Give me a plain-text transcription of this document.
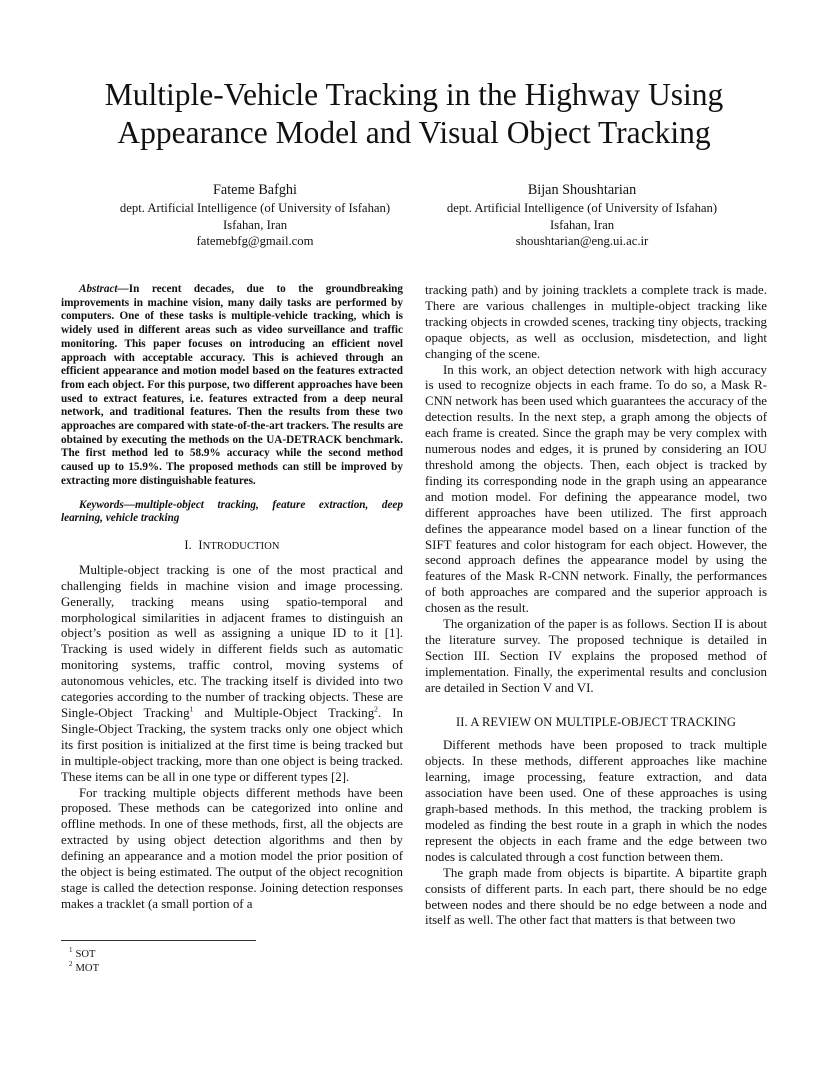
Multiple-Vehicle Tracking in the Highway Using
Appearance Model and Visual Object Tracking
Fateme Bafghi
dept. Artificial Intelligence (of University of Isfahan)
Isfahan, Iran
fatemebfg@gmail.com
Bijan Shoushtarian
dept. Artificial Intelligence (of University of Isfahan)
Isfahan, Iran
shoushtarian@eng.ui.ac.ir

Abstract—In recent decades, due to the groundbreaking improvements in machine vision, many daily tasks are performed by computers. One of these tasks is multiple-vehicle tracking, which is widely used in different areas such as video surveillance and traffic monitoring. This paper focuses on introducing an efficient novel approach with acceptable accuracy. This is achieved through an efficient appearance and motion model based on the features extracted from each object. For this purpose, two different approaches have been used to extract features, i.e. features extracted from a deep neural network, and traditional features. Then the results from these two approaches are compared with state-of-the-art trackers. The results are obtained by executing the methods on the UA-DETRACK benchmark. The first method led to 58.9% accuracy while the second method caused up to 15.9%. The proposed methods can still be improved by extracting more distinguishable features.

Keywords—multiple-object tracking, feature extraction, deep learning, vehicle tracking

I. INTRODUCTION

Multiple-object tracking is one of the most practical and challenging fields in machine vision and image processing. Generally, tracking means using spatio-temporal and morphological similarities in adjacent frames to distinguish an object’s position as well as assigning a unique ID to it [1]. Tracking is used widely in different fields such as automatic monitoring systems, traffic control, moving systems of autonomous vehicles, etc. The tracking itself is divided into two categories according to the number of tracking objects. These are Single-Object Tracking$^1$ and Multiple-Object Tracking$^2$. In Single-Object Tracking, the system tracks only one object which its first position is initialized at the first time is being tracked but in multiple-object tracking, more than one object is being tracked. These items can be all in one type or different types [2].

For tracking multiple objects different methods have been proposed. These methods can be categorized into online and offline methods. In one of these methods, first, all the objects are extracted by using object detection algorithms and then by defining an appearance and a motion model the prior position of the object is being estimated. The output of the object recognition stage is called the detection response. Joining detection responses makes a tracklet (a small portion of a

tracking path) and by joining tracklets a complete track is made. There are various challenges in multiple-object tracking like tracking objects in crowded scenes, tracking tiny objects, tracking opaque objects, as well as occlusion, misdetection, and light changing of the scene.

In this work, an object detection network with high accuracy is used to recognize objects in each frame. To do so, a Mask R-CNN network has been used which guarantees the accuracy of the detection results. In the next step, a graph among the objects of each frame is created. Since the graph may be very complex with numerous nodes and edges, it is pruned by considering an IOU threshold among the objects. Then, each object is tracked by finding its corresponding node in the graph using an appearance and motion model. For defining the appearance model, two different approaches have been utilized. The first approach defines the appearance model based on a linear function of the SIFT features and color histogram for each object. However, the second approach defines the appearance model by using the features of the Mask R-CNN network. Finally, the performances of both approaches are compared and the superior approach is chosen as the result.

The organization of the paper is as follows. Section II is about the literature survey. The proposed technique is detailed in Section III. Section IV explains the proposed method of implementation. Finally, the experimental results and conclusion are detailed in Section V and VI.

II. A REVIEW ON MULTIPLE-OBJECT TRACKING

Different methods have been proposed to track multiple objects. In these methods, different approaches like machine learning, image processing, feature extraction, and data association have been used. One of these approaches is using graph-based methods. In this method, the tracking problem is modeled as finding the best route in a graph in which the nodes represent the objects in each frame and the edge between two nodes is calculated through a cost function between them.

The graph made from objects is bipartite. A bipartite graph consists of different parts. In each part, there should be no edge between nodes and there should be no edge between a node and itself as well. The other fact that matters is that between two

$^1$ SOT
$^2$ MOT
